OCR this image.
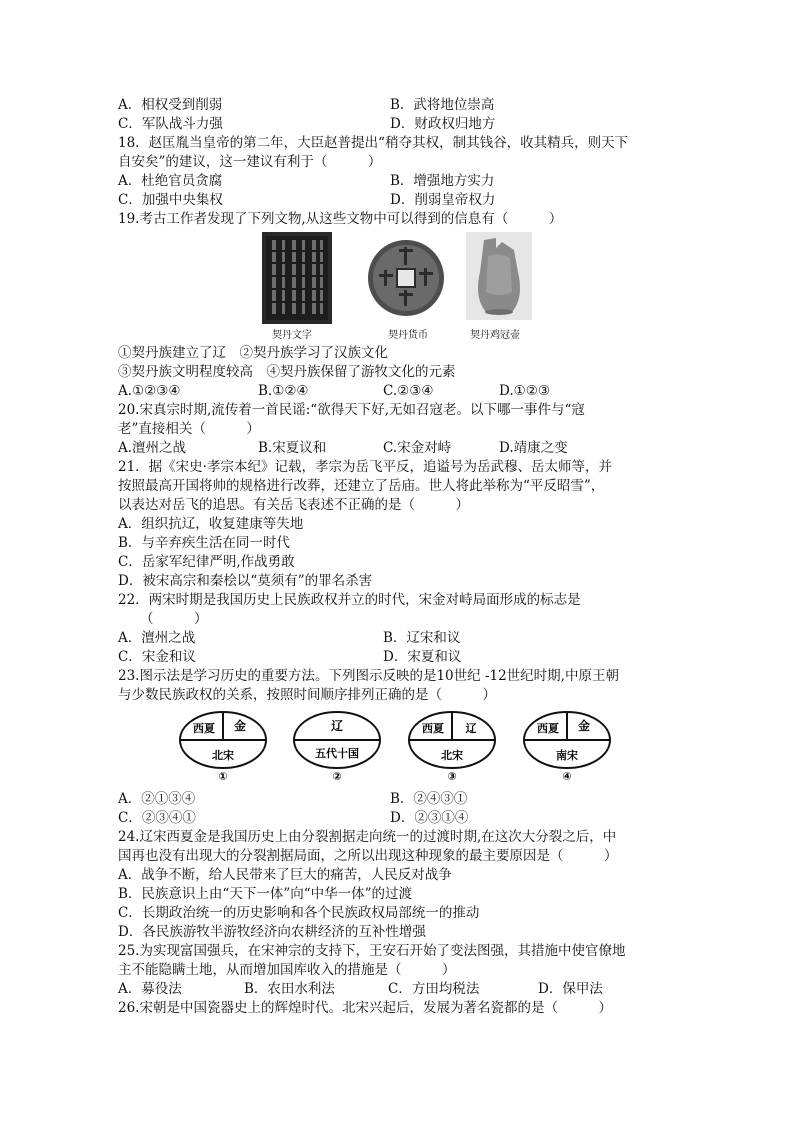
A．相权受到削弱	B．武将地位崇高
C．军队战斗力强	D．财政权归地方
18．赵匡胤当皇帝的第二年，大臣赵普提出“稍夺其权，制其钱谷，收其精兵，则天下
自安矣”的建议，这一建议有利于（　　　）
A．杜绝官员贪腐	B．增强地方实力
C．加强中央集权	D．削弱皇帝权力
19.考古工作者发现了下列文物,从这些文物中可以得到的信息有（　　　）
契丹文字	契丹货币	契丹鸡冠壶
①契丹族建立了辽　②契丹族学习了汉族文化
③契丹族文明程度较高　④契丹族保留了游牧文化的元素
A.①②③④	B.①②④	C.②③④	D.①②③
20.宋真宗时期,流传着一首民谣:“欲得天下好,无如召寇老。以下哪一事件与“寇
老”直接相关（　　　）
A.澶州之战	B.宋夏议和	C.宋金对峙	D.靖康之变
21．据《宋史·孝宗本纪》记载，孝宗为岳飞平反，追谥号为岳武穆、岳太师等，并
按照最高开国将帅的规格进行改葬，还建立了岳庙。世人将此举称为“平反昭雪”，
以表达对岳飞的追思。有关岳飞表述不正确的是（　　　）
A．组织抗辽，收复建康等失地
B．与辛弃疾生活在同一时代
C．岳家军纪律严明,作战勇敢
D．被宋高宗和秦桧以“莫须有”的罪名杀害
22．两宋时期是我国历史上民族政权并立的时代，宋金对峙局面形成的标志是
（　　　）
A．澶州之战	B．辽宋和议
C．宋金和议	D．宋夏和议
23.图示法是学习历史的重要方法。下列图示反映的是10世纪 -12世纪时期,中原王朝
与少数民族政权的关系，按照时间顺序排列正确的是（　　　）
西夏 金
北宋
①
辽
五代十国
②
西夏 辽
北宋
③
西夏 金
南宋
④
A．②①③④	B．②④③①
C．②③④①	D．②③①④
24.辽宋西夏金是我国历史上由分裂割据走向统一的过渡时期,在这次大分裂之后，中
国再也没有出现大的分裂割据局面，之所以出现这种现象的最主要原因是（　　　）
A．战争不断，给人民带来了巨大的痛苦，人民反对战争
B．民族意识上由“天下一体”向“中华一体”的过渡
C．长期政治统一的历史影响和各个民族政权局部统一的推动
D．各民族游牧半游牧经济向农耕经济的互补性增强
25.为实现富国强兵，在宋神宗的支持下，王安石开始了变法图强，其措施中使官僚地
主不能隐瞒土地，从而增加国库收入的措施是（　　　）
A．募役法	B．农田水利法	C．方田均税法	D．保甲法
26.宋朝是中国瓷器史上的辉煌时代。北宋兴起后，发展为著名瓷都的是（　　　）
